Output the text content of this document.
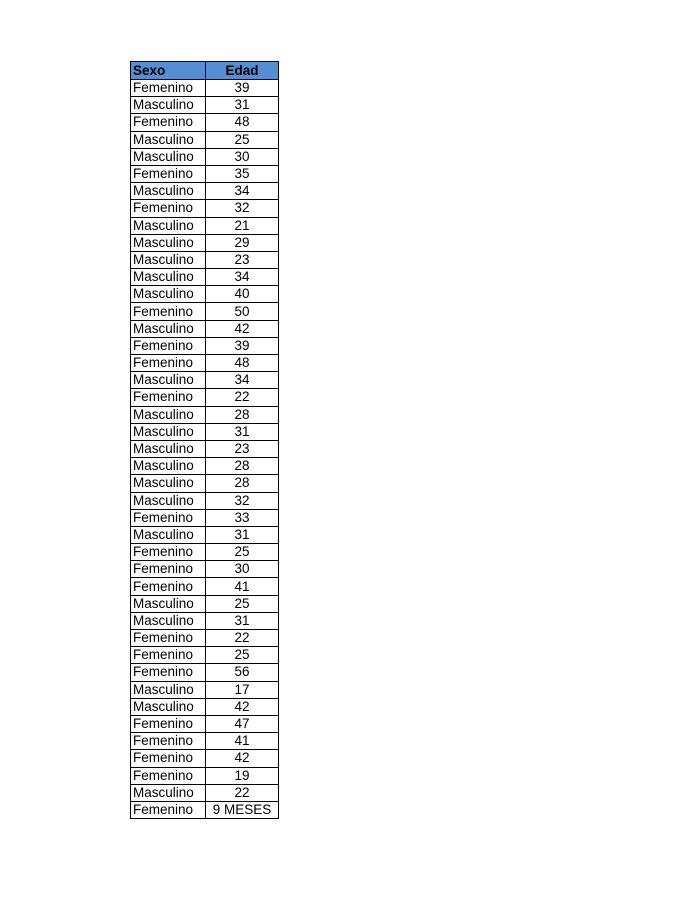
Sexo	Edad
Femenino	39
Masculino	31
Femenino	48
Masculino	25
Masculino	30
Femenino	35
Masculino	34
Femenino	32
Masculino	21
Masculino	29
Masculino	23
Masculino	34
Masculino	40
Femenino	50
Masculino	42
Femenino	39
Femenino	48
Masculino	34
Femenino	22
Masculino	28
Masculino	31
Masculino	23
Masculino	28
Masculino	28
Masculino	32
Femenino	33
Masculino	31
Femenino	25
Femenino	30
Femenino	41
Masculino	25
Masculino	31
Femenino	22
Femenino	25
Femenino	56
Masculino	17
Masculino	42
Femenino	47
Femenino	41
Femenino	42
Femenino	19
Masculino	22
Femenino	9 MESES
